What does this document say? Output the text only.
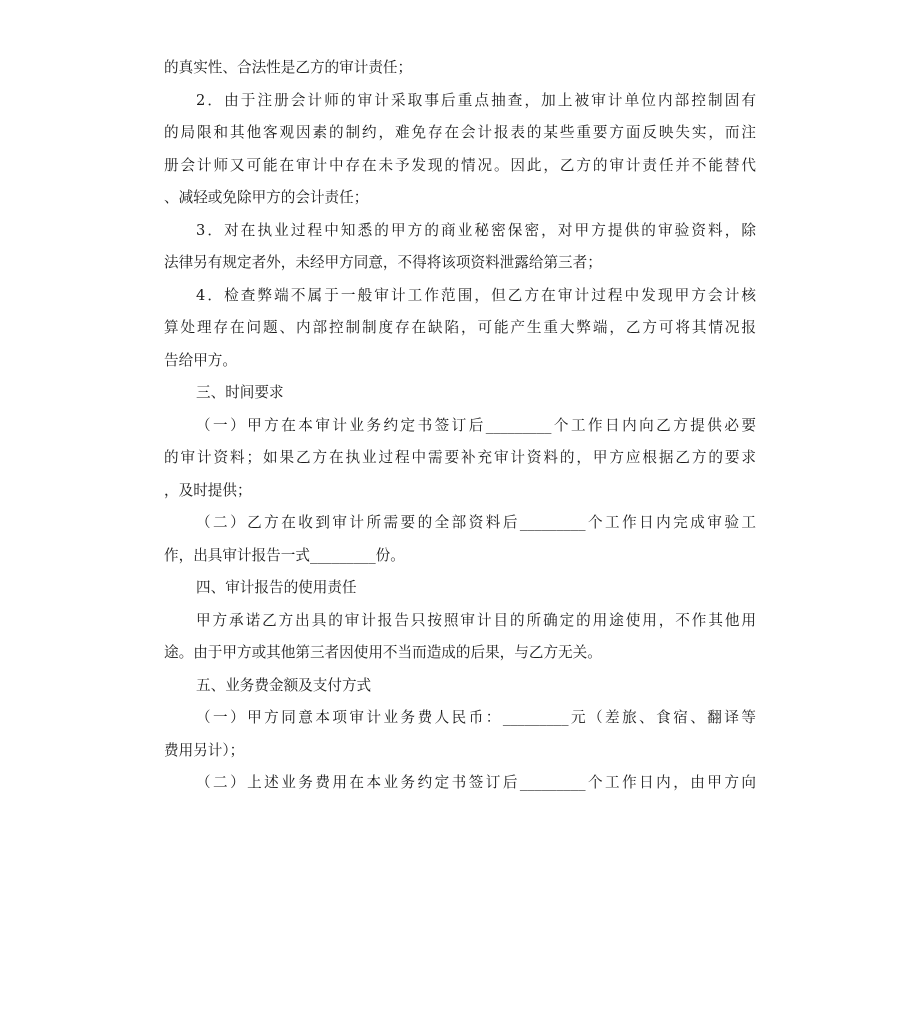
的真实性、合法性是乙方的审计责任；
2．由于注册会计师的审计采取事后重点抽查，加上被审计单位内部控制固有
的局限和其他客观因素的制约，难免存在会计报表的某些重要方面反映失实，而注
册会计师又可能在审计中存在未予发现的情况。因此，乙方的审计责任并不能替代
、减轻或免除甲方的会计责任；
3．对在执业过程中知悉的甲方的商业秘密保密，对甲方提供的审验资料，除
法律另有规定者外，未经甲方同意，不得将该项资料泄露给第三者；
4．检查弊端不属于一般审计工作范围，但乙方在审计过程中发现甲方会计核
算处理存在问题、内部控制制度存在缺陷，可能产生重大弊端，乙方可将其情况报
告给甲方。
三、时间要求
（一）甲方在本审计业务约定书签订后_________个工作日内向乙方提供必要
的审计资料；如果乙方在执业过程中需要补充审计资料的，甲方应根据乙方的要求
，及时提供；
（二）乙方在收到审计所需要的全部资料后_________个工作日内完成审验工
作，出具审计报告一式_________份。
四、审计报告的使用责任
甲方承诺乙方出具的审计报告只按照审计目的所确定的用途使用，不作其他用
途。由于甲方或其他第三者因使用不当而造成的后果，与乙方无关。
五、业务费金额及支付方式
（一）甲方同意本项审计业务费人民币：_________元（差旅、食宿、翻译等
费用另计）；
（二）上述业务费用在本业务约定书签订后_________个工作日内，由甲方向
